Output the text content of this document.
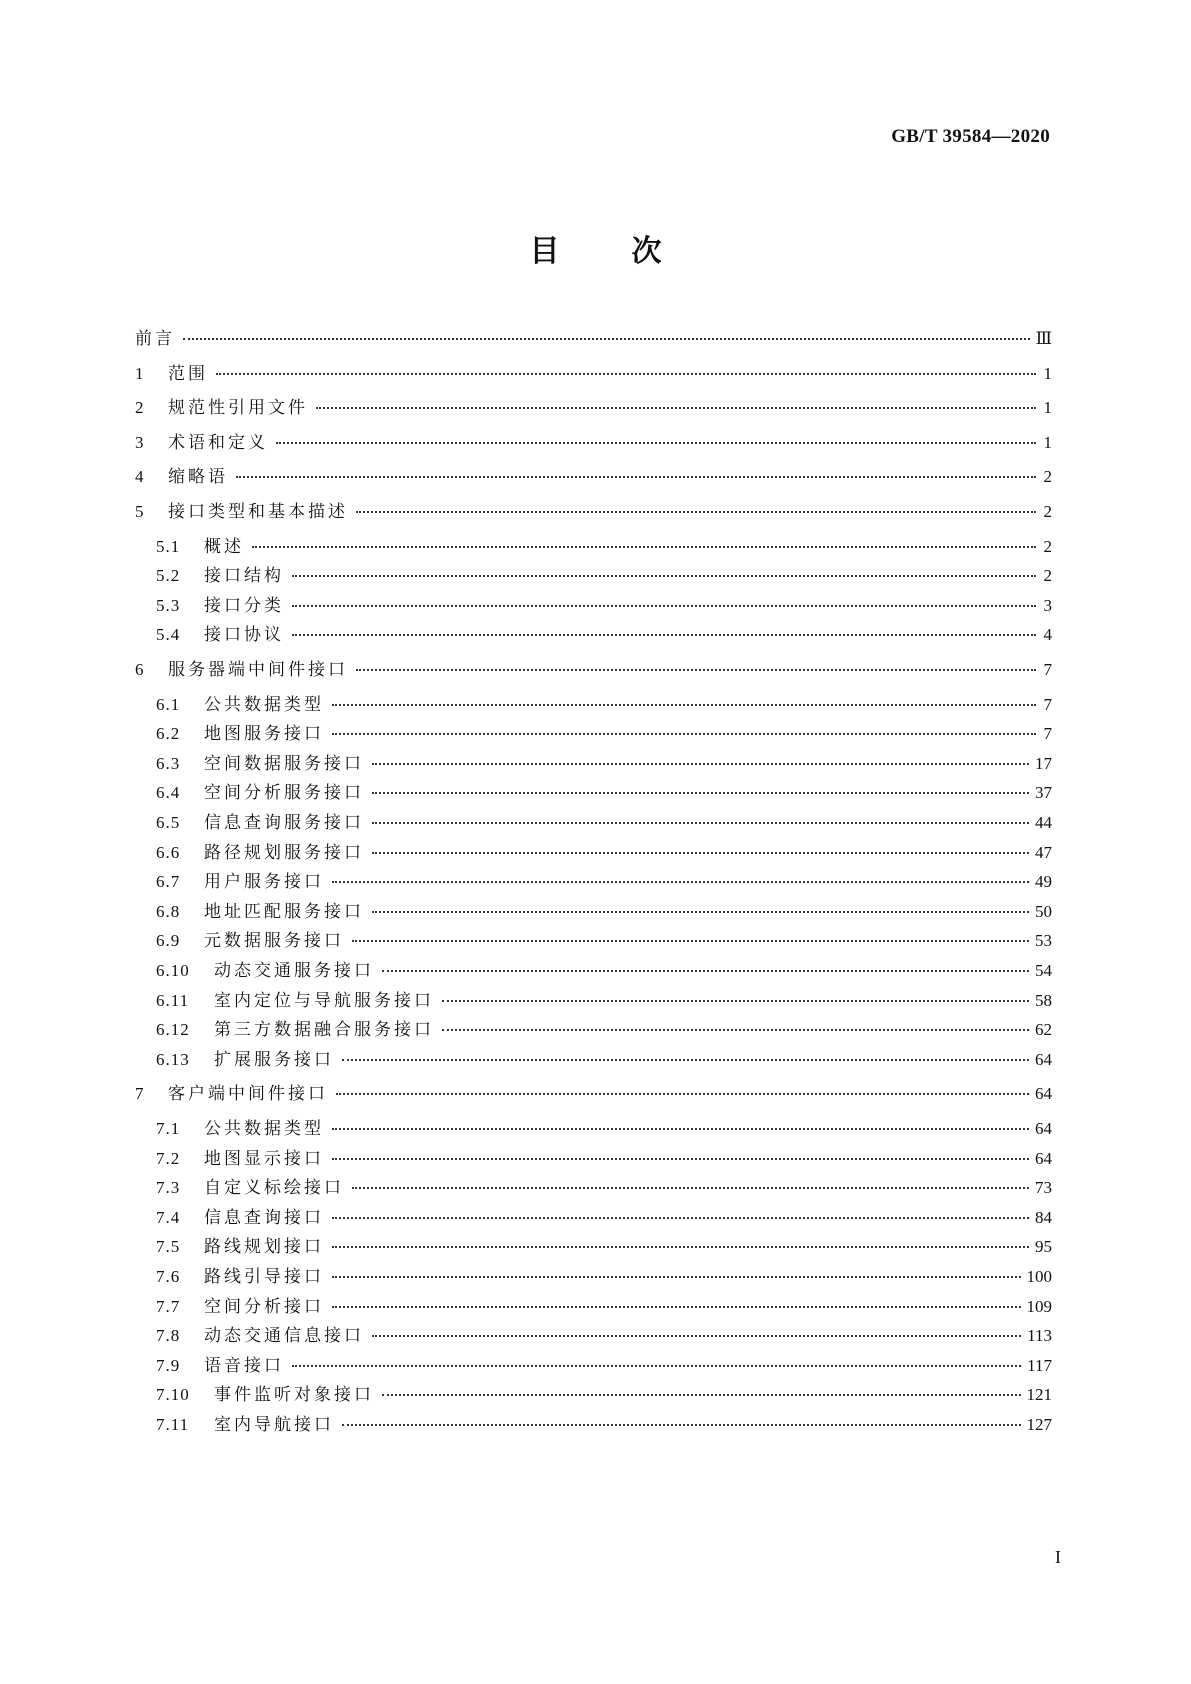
GB/T 39584—2020
目 次
前言	Ⅲ
1	范围	1
2	规范性引用文件	1
3	术语和定义	1
4	缩略语	2
5	接口类型和基本描述	2
5.1	概述	2
5.2	接口结构	2
5.3	接口分类	3
5.4	接口协议	4
6	服务器端中间件接口	7
6.1	公共数据类型	7
6.2	地图服务接口	7
6.3	空间数据服务接口	17
6.4	空间分析服务接口	37
6.5	信息查询服务接口	44
6.6	路径规划服务接口	47
6.7	用户服务接口	49
6.8	地址匹配服务接口	50
6.9	元数据服务接口	53
6.10	动态交通服务接口	54
6.11	室内定位与导航服务接口	58
6.12	第三方数据融合服务接口	62
6.13	扩展服务接口	64
7	客户端中间件接口	64
7.1	公共数据类型	64
7.2	地图显示接口	64
7.3	自定义标绘接口	73
7.4	信息查询接口	84
7.5	路线规划接口	95
7.6	路线引导接口	100
7.7	空间分析接口	109
7.8	动态交通信息接口	113
7.9	语音接口	117
7.10	事件监听对象接口	121
7.11	室内导航接口	127
I
